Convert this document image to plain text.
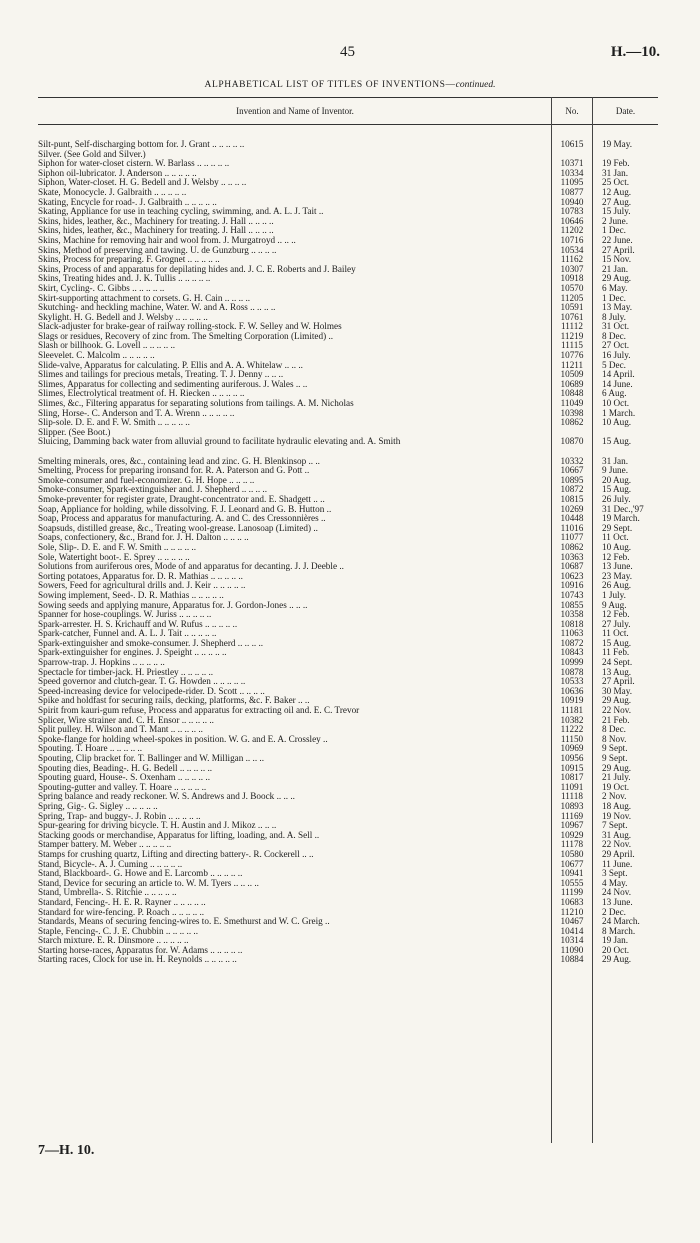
45	H.—10.
ALPHABETICAL LIST OF TITLES OF INVENTIONS—continued.
Invention and Name of Inventor.	No.	Date.
Silt-punt, Self-discharging bottom for. J. Grant .. .. .. .. ..	10615	19 May.
Silver. (See Gold and Silver.)
Siphon for water-closet cistern. W. Barlass .. .. .. .. ..	10371	19 Feb.
Siphon oil-lubricator. J. Anderson .. .. .. .. ..	10334	31 Jan.
Siphon, Water-closet. H. G. Bedell and J. Welsby .. .. .. ..	11095	25 Oct.
Skate, Monocycle. J. Galbraith .. .. .. .. ..	10877	12 Aug.
Skating, Encycle for road-. J. Galbraith .. .. .. .. ..	10940	27 Aug.
Skating, Appliance for use in teaching cycling, swimming, and. A. L. J. Tait ..	10783	15 July.
Skins, hides, leather, &c., Machinery for treating. J. Hall .. .. .. ..	10646	2 June.
Skins, hides, leather, &c., Machinery for treating. J. Hall .. .. .. ..	11202	1 Dec.
Skins, Machine for removing hair and wool from. J. Murgatroyd .. .. ..	10716	22 June.
Skins, Method of preserving and tawing. U. de Gunzburg .. .. .. ..	10534	27 April.
Skins, Process for preparing. F. Grognet .. .. .. .. ..	11162	15 Nov.
Skins, Process of and apparatus for depilating hides and. J. C. E. Roberts and J. Bailey	10307	21 Jan.
Skins, Treating hides and. J. K. Tullis .. .. .. .. ..	10918	29 Aug.
Skirt, Cycling-. C. Gibbs .. .. .. .. ..	10570	6 May.
Skirt-supporting attachment to corsets. G. H. Cain .. .. .. ..	11205	1 Dec.
Skutching- and heckling machine, Water. W. and A. Ross .. .. .. ..	10591	13 May.
Skylight. H. G. Bedell and J. Welsby .. .. .. .. ..	10761	8 July.
Slack-adjuster for brake-gear of railway rolling-stock. F. W. Selley and W. Holmes	11112	31 Oct.
Slags or residues, Recovery of zinc from. The Smelting Corporation (Limited) ..	11219	8 Dec.
Slash or billhook. G. Lovell .. .. .. .. ..	11115	27 Oct.
Sleevelet. C. Malcolm .. .. .. .. ..	10776	16 July.
Slide-valve, Apparatus for calculating. P. Ellis and A. A. Whitelaw .. .. ..	11211	5 Dec.
Slimes and tailings for precious metals, Treating. T. J. Denny .. .. ..	10509	14 April.
Slimes, Apparatus for collecting and sedimenting auriferous. J. Wales .. ..	10689	14 June.
Slimes, Electrolytical treatment of. H. Riecken .. .. .. .. ..	10848	6 Aug.
Slimes, &c., Filtering apparatus for separating solutions from tailings. A. M. Nicholas	11049	10 Oct.
Sling, Horse-. C. Anderson and T. A. Wrenn .. .. .. .. ..	10398	1 March.
Slip-sole. D. E. and F. W. Smith .. .. .. .. ..	10862	10 Aug.
Slipper. (See Boot.)
Sluicing, Damming back water from alluvial ground to facilitate hydraulic elevating and. A. Smith	10870	15 Aug.
Smelting minerals, ores, &c., containing lead and zinc. G. H. Blenkinsop .. ..	10332	31 Jan.
Smelting, Process for preparing ironsand for. R. A. Paterson and G. Pott ..	10667	9 June.
Smoke-consumer and fuel-economizer. G. H. Hope .. .. .. ..	10895	20 Aug.
Smoke-consumer, Spark-extinguisher and. J. Shepherd .. .. .. ..	10872	15 Aug.
Smoke-preventer for register grate, Draught-concentrator and. E. Shadgett .. ..	10815	26 July.
Soap, Appliance for holding, while dissolving. F. J. Leonard and G. B. Hutton ..	10269	31 Dec.,'97
Soap, Process and apparatus for manufacturing. A. and C. des Cressonnières ..	10448	19 March.
Soapsuds, distilled grease, &c., Treating wool-grease. Lanosoap (Limited) ..	11016	29 Sept.
Soaps, confectionery, &c., Brand for. J. H. Dalton .. .. .. ..	11077	11 Oct.
Sole, Slip-. D. E. and F. W. Smith .. .. .. .. ..	10862	10 Aug.
Sole, Watertight boot-. E. Sprey .. .. .. .. ..	10363	12 Feb.
Solutions from auriferous ores, Mode of and apparatus for decanting. J. J. Deeble ..	10687	13 June.
Sorting potatoes, Apparatus for. D. R. Mathias .. .. .. .. ..	10623	23 May.
Sowers, Feed for agricultural drills and. J. Keir .. .. .. .. ..	10916	26 Aug.
Sowing implement, Seed-. D. R. Mathias .. .. .. .. ..	10743	1 July.
Sowing seeds and applying manure, Apparatus for. J. Gordon-Jones .. .. ..	10855	9 Aug.
Spanner for hose-couplings. W. Juriss .. .. .. .. ..	10358	12 Feb.
Spark-arrester. H. S. Krichauff and W. Rufus .. .. .. .. ..	10818	27 July.
Spark-catcher, Funnel and. A. L. J. Tait .. .. .. .. ..	11063	11 Oct.
Spark-extinguisher and smoke-consumer. J. Shepherd .. .. .. ..	10872	15 Aug.
Spark-extinguisher for engines. J. Speight .. .. .. .. ..	10843	11 Feb.
Sparrow-trap. J. Hopkins .. .. .. .. ..	10999	24 Sept.
Spectacle for timber-jack. H. Priestley .. .. .. .. ..	10878	13 Aug.
Speed governor and clutch-gear. T. G. Howden .. .. .. .. ..	10533	27 April.
Speed-increasing device for velocipede-rider. D. Scott .. .. .. ..	10636	30 May.
Spike and holdfast for securing rails, decking, platforms, &c. F. Baker .. ..	10919	29 Aug.
Spirit from kauri-gum refuse, Process and apparatus for extracting oil and. E. C. Trevor	11181	22 Nov.
Splicer, Wire strainer and. C. H. Ensor .. .. .. .. ..	10382	21 Feb.
Split pulley. H. Wilson and T. Mant .. .. .. .. ..	11222	8 Dec.
Spoke-flange for holding wheel-spokes in position. W. G. and E. A. Crossley ..	11150	8 Nov.
Spouting. T. Hoare .. .. .. .. ..	10969	9 Sept.
Spouting, Clip bracket for. T. Ballinger and W. Milligan .. .. ..	10956	9 Sept.
Spouting dies, Beading-. H. G. Bedell .. .. .. .. ..	10915	29 Aug.
Spouting guard, House-. S. Oxenham .. .. .. .. ..	10817	21 July.
Spouting-gutter and valley. T. Hoare .. .. .. .. ..	11091	19 Oct.
Spring balance and ready reckoner. W. S. Andrews and J. Boock .. .. ..	11118	2 Nov.
Spring, Gig-. G. Sigley .. .. .. .. ..	10893	18 Aug.
Spring, Trap- and buggy-. J. Robin .. .. .. .. ..	11169	19 Nov.
Spur-gearing for driving bicycle. T. H. Austin and J. Mikoz .. .. ..	10967	7 Sept.
Stacking goods or merchandise, Apparatus for lifting, loading, and. A. Sell ..	10929	31 Aug.
Stamper battery. M. Weber .. .. .. .. ..	11178	22 Nov.
Stamps for crushing quartz, Lifting and directing battery-. R. Cockerell .. ..	10580	29 April.
Stand, Bicycle-. A. J. Cuming .. .. .. .. ..	10677	11 June.
Stand, Blackboard-. G. Howe and E. Larcomb .. .. .. .. ..	10941	3 Sept.
Stand, Device for securing an article to. W. M. Tyers .. .. .. ..	10555	4 May.
Stand, Umbrella-. S. Ritchie .. .. .. .. ..	11199	24 Nov.
Standard, Fencing-. H. E. R. Rayner .. .. .. .. ..	10683	13 June.
Standard for wire-fencing. P. Roach .. .. .. .. ..	11210	2 Dec.
Standards, Means of securing fencing-wires to. E. Smethurst and W. C. Greig ..	10467	24 March.
Staple, Fencing-. C. J. E. Chubbin .. .. .. .. ..	10414	8 March.
Starch mixture. E. R. Dinsmore .. .. .. .. ..	10314	19 Jan.
Starting horse-races, Apparatus for. W. Adams .. .. .. .. ..	11090	20 Oct.
Starting races, Clock for use in. H. Reynolds .. .. .. .. ..	10884	29 Aug.
7—H. 10.
